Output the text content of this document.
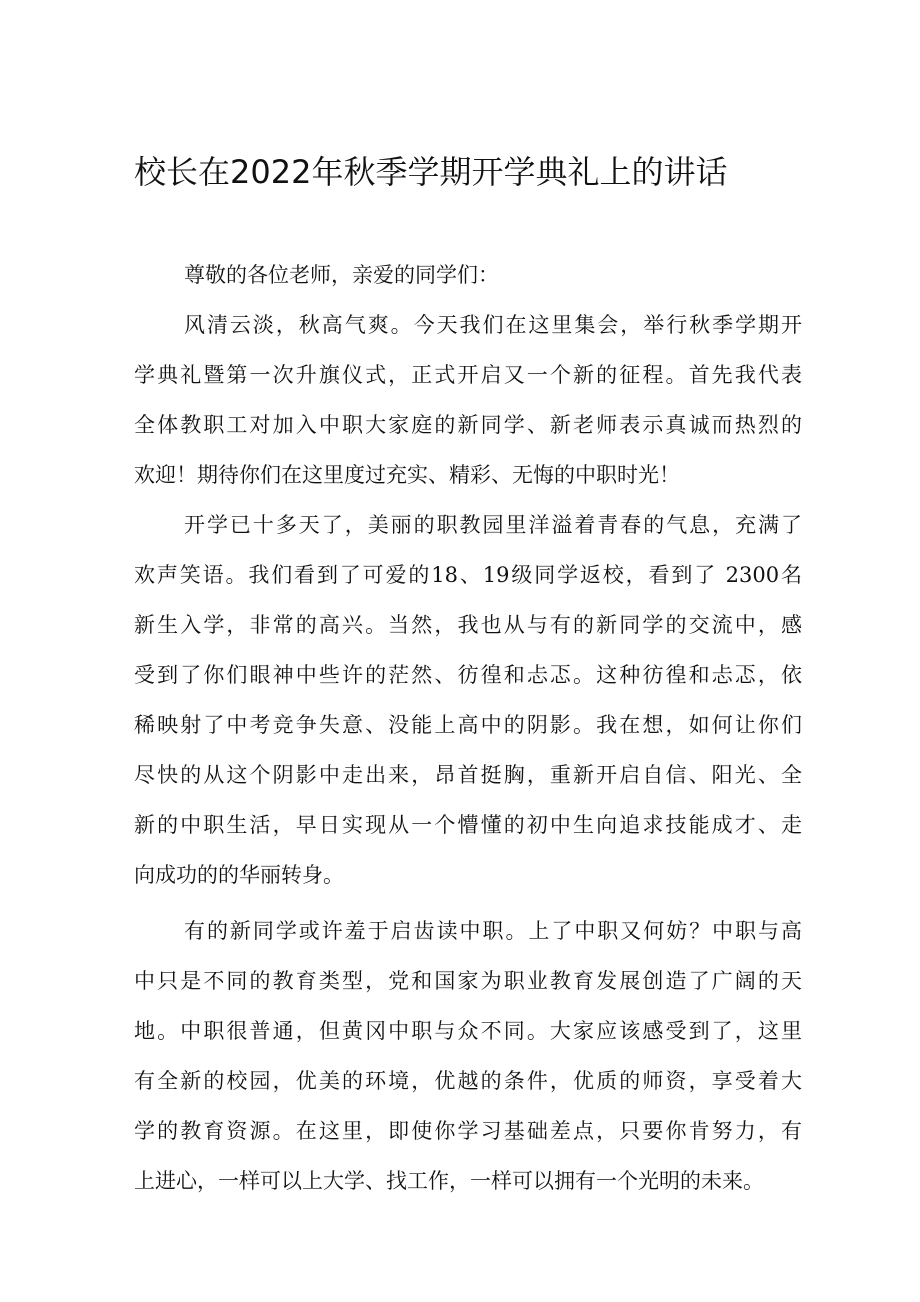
校长在2022年秋季学期开学典礼上的讲话
尊敬的各位老师，亲爱的同学们：
风清云淡，秋高气爽。今天我们在这里集会，举行秋季学期开
学典礼暨第一次升旗仪式，正式开启又一个新的征程。首先我代表
全体教职工对加入中职大家庭的新同学、新老师表示真诚而热烈的
欢迎！期待你们在这里度过充实、精彩、无悔的中职时光！
开学已十多天了，美丽的职教园里洋溢着青春的气息，充满了
欢声笑语。我们看到了可爱的18、19级同学返校，看到了 2300名
新生入学，非常的高兴。当然，我也从与有的新同学的交流中，感
受到了你们眼神中些许的茫然、彷徨和忐忑。这种彷徨和忐忑，依
稀映射了中考竞争失意、没能上高中的阴影。我在想，如何让你们
尽快的从这个阴影中走出来，昂首挺胸，重新开启自信、阳光、全
新的中职生活，早日实现从一个懵懂的初中生向追求技能成才、走
向成功的的华丽转身。
有的新同学或许羞于启齿读中职。上了中职又何妨？中职与高
中只是不同的教育类型，党和国家为职业教育发展创造了广阔的天
地。中职很普通，但黄冈中职与众不同。大家应该感受到了，这里
有全新的校园，优美的环境，优越的条件，优质的师资，享受着大
学的教育资源。在这里，即使你学习基础差点，只要你肯努力，有
上进心，一样可以上大学、找工作，一样可以拥有一个光明的未来。
